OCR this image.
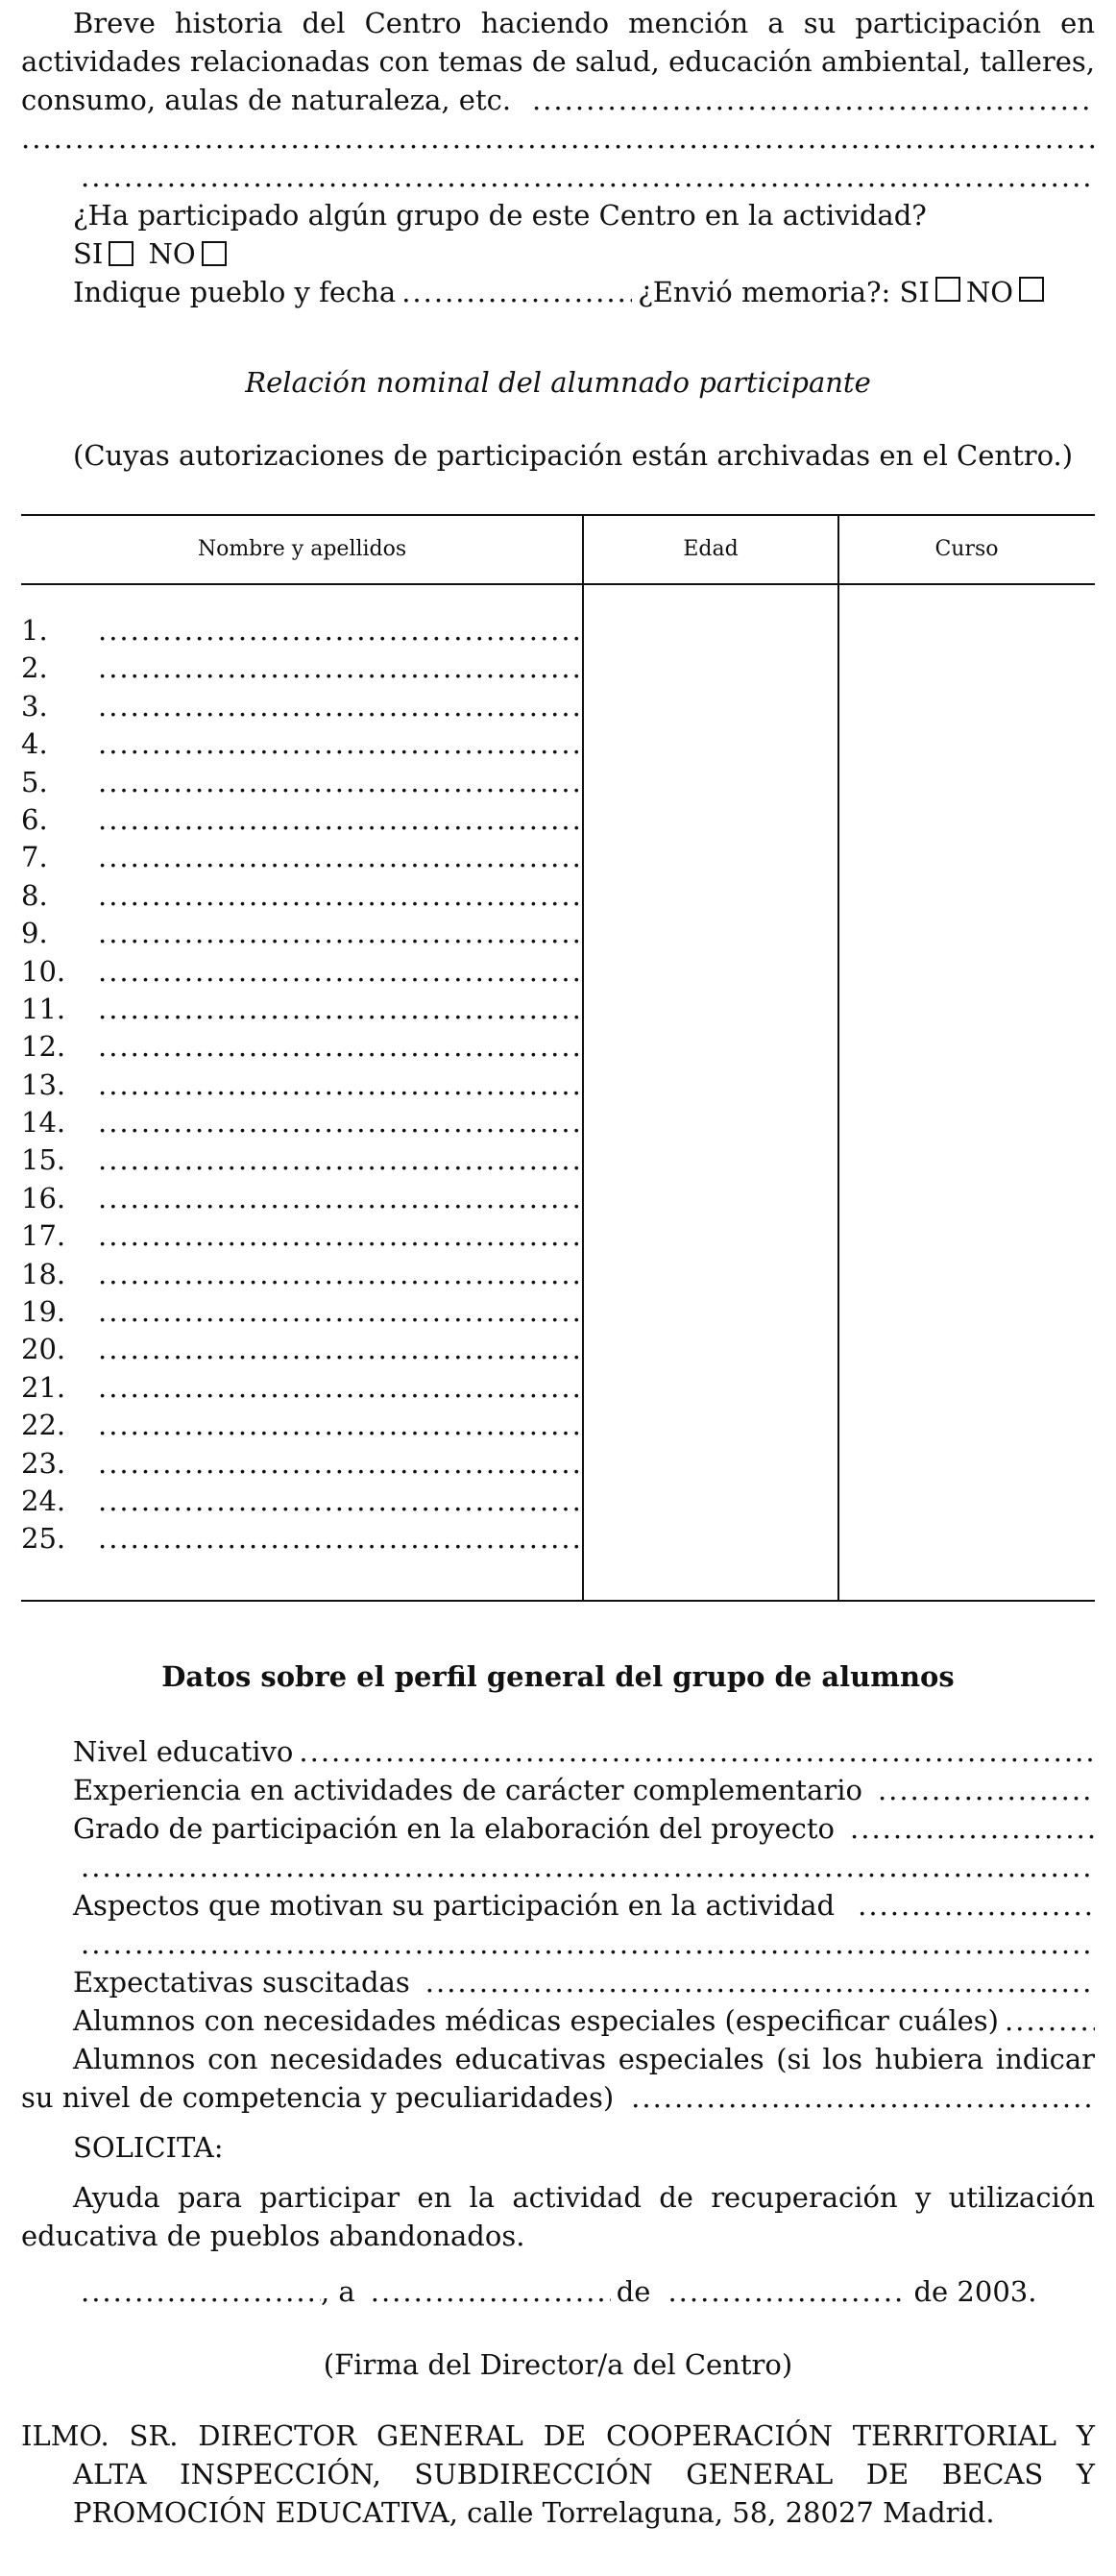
Breve historia del Centro haciendo mención a su participación en actividades relacionadas con temas de salud, educación ambiental, talleres, consumo, aulas de naturaleza, etc.

.....
.....
.....

¿Ha participado algún grupo de este Centro en la actividad?

SI NO

Indique pueblo y fecha .....	¿Envió memoria?: SI NO

Relación nominal del alumnado participante

(Cuyas autorizaciones de participación están archivadas en el Centro.)

Nombre y apellidos	Edad	Curso
1.
.....
2.
.....
3.
.....
4.
.....
5.
.....
6.
.....
7.
.....
8.
.....
9.
.....
10.
.....
11.
.....
12.
.....
13.
.....
14.
.....
15.
.....
16.
.....
17.
.....
18.
.....
19.
.....
20.
.....
21.
.....
22.
.....
23.
.....
24.
.....
25.
.....

Datos sobre el perfil general del grupo de alumnos

Nivel educativo
.....
Experiencia en actividades de carácter complementario
.....
Grado de participación en la elaboración del proyecto
.....
.....
Aspectos que motivan su participación en la actividad
.....
.....
Expectativas suscitadas
.....
Alumnos con necesidades médicas especiales (especificar cuáles)
.....

Alumnos con necesidades educativas especiales (si los hubiera indicar

su nivel de competencia y peculiaridades)
.....

SOLICITA:

Ayuda para participar en la actividad de recuperación y utilización educativa de pueblos abandonados.

.....
, a .....	de .....	de 2003.

(Firma del Director/a del Centro)

ILMO. SR. DIRECTOR GENERAL DE COOPERACIÓN TERRITORIAL Y ALTA INSPECCIÓN, SUBDIRECCIÓN GENERAL DE BECAS Y PROMOCIÓN EDUCATIVA, calle Torrelaguna, 58, 28027 Madrid.
